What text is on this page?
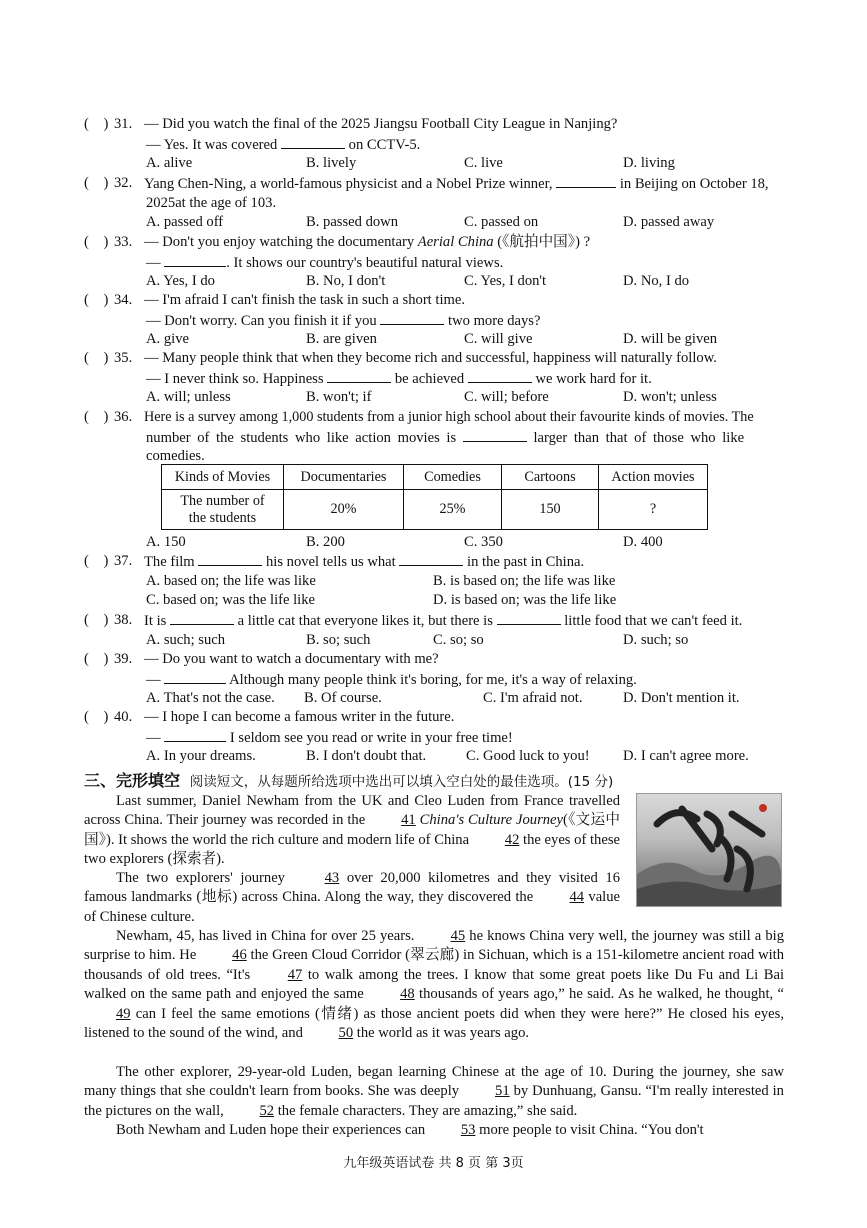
(    ) 31. — Did you watch the final of the 2025 Jiangsu Football City League in Nanjing?
— Yes. It was covered	on CCTV-5.
A. alive	B. lively	C. live	D. living
(    ) 32. Yang Chen-Ning, a world-famous physicist and a Nobel Prize winner,	in Beijing on October 18,
2025at the age of 103.
A. passed off	B. passed down	C. passed on	D. passed away
(    ) 33. — Don't you enjoy watching the documentary Aerial China (《航拍中国》) ?
—	. It shows our country's beautiful natural views.
A. Yes, I do	B. No, I don't	C. Yes, I don't	D. No, I do
(    ) 34. — I'm afraid I can't finish the task in such a short time.
— Don't worry. Can you finish it if you	two more days?
A. give	B. are given	C. will give	D. will be given
(    ) 35. — Many people think that when they become rich and successful, happiness will naturally follow.
— I never think so. Happiness	be achieved	we work hard for it.
A. will; unless	B. won't; if	C. will; before	D. won't; unless
(    ) 36. Here is a survey among 1,000 students from a junior high school about their favourite kinds of movies. The
number of the students who like action movies is	larger than that of those who like
comedies.
Kinds of Movies	Documentaries	Comedies	Cartoons	Action movies

The number of
the students	20%	25%	150	?
A. 150	B. 200	C. 350	D. 400
(    ) 37. The film	his novel tells us what	in the past in China.
A. based on; the life was like	B. is based on; the life was like
C. based on; was the life like	D. is based on; was the life like
(    ) 38. It is	a little cat that everyone likes it, but there is	little food that we can't feed it.
A. such; such	B. so; such	C. so; so	D. such; so
(    ) 39. — Do you want to watch a documentary with me?
—	Although many people think it's boring, for me, it's a way of relaxing.
A. That's not the case. B. Of course.	C. I'm afraid not.	D. Don't mention it.
(    ) 40. — I hope I can become a famous writer in the future.
—	I seldom see you read or write in your free time!
A. In your dreams.	B. I don't doubt that.	C. Good luck to you! D. I can't agree more.
三、完形填空 阅读短文，从每题所给选项中选出可以填入空白处的最佳选项。(15 分)
Last summer, Daniel Newham from the UK and Cleo Luden from France travelled across China. Their journey was recorded in the 41 China's Culture Journey(《文运中国》). It shows the world the rich culture and modern life of China 42 the eyes of these two explorers (探索者).
The two explorers' journey	43 over 20,000 kilometres and they visited 16 famous landmarks (地标) across China. Along the way, they discovered the 44 value of Chinese culture.
Newham, 45, has lived in China for over 25 years. 45 he knows China very well, the journey was still a big surprise to him. He 46 the Green Cloud Corridor (翠云廊) in Sichuan, which is a 151-kilometre ancient road with thousands of old trees. “It's	47 to walk among the trees. I know that some great poets like Du Fu and Li Bai walked on the same path and enjoyed the same 48 thousands of years ago,” he said. As he walked, he thought, “49 can I feel the same emotions (情绪) as those ancient poets did when they were here?” He closed his eyes, listened to the sound of the wind, and 50 the world as it was years ago.
The other explorer, 29-year-old Luden, began learning Chinese at the age of 10. During the journey, she saw many things that she couldn't learn from books. She was deeply 51 by Dunhuang, Gansu. “I'm really interested in the pictures on the wall, 52 the female characters. They are amazing,” she said.
Both Newham and Luden hope their experiences can 53 more people to visit China. “You don't
九年级英语试卷 共 8 页 第 3页
